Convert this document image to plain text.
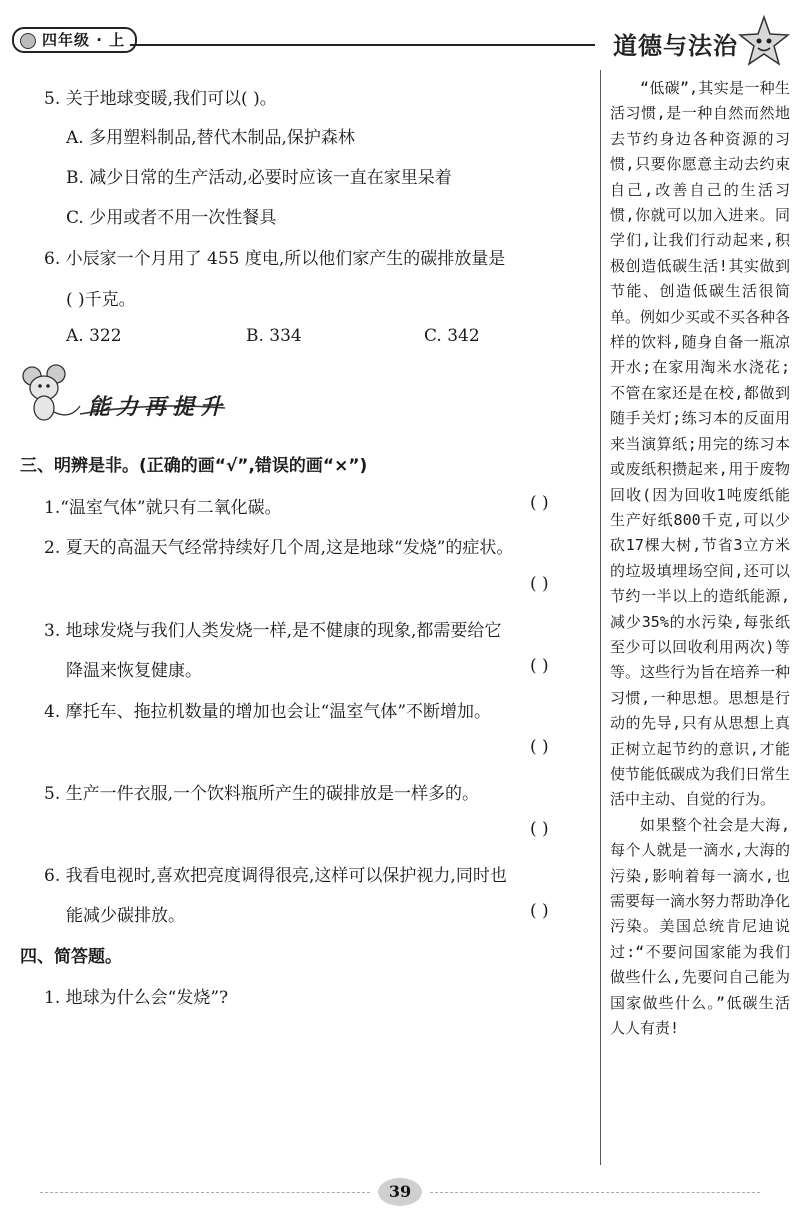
四年级 · 上	道德与法治
5. 关于地球变暖,我们可以( )。
A. 多用塑料制品,替代木制品,保护森林
B. 减少日常的生产活动,必要时应该一直在家里呆着
C. 少用或者不用一次性餐具
6. 小辰家一个月用了 455 度电,所以他们家产生的碳排放量是
( )千克。
A. 322	B. 334	C. 342
能力再提升
三、明辨是非。(正确的画“√”,错误的画“×”)
1.“温室气体”就只有二氧化碳。	( )
2. 夏天的高温天气经常持续好几个周,这是地球“发烧”的症状。
( )
3. 地球发烧与我们人类发烧一样,是不健康的现象,都需要给它
降温来恢复健康。	( )
4. 摩托车、拖拉机数量的增加也会让“温室气体”不断增加。
( )
5. 生产一件衣服,一个饮料瓶所产生的碳排放是一样多的。
( )
6. 我看电视时,喜欢把亮度调得很亮,这样可以保护视力,同时也
能减少碳排放。	( )
四、简答题。
1. 地球为什么会“发烧”?

“低碳”,其实是一种生活习惯,是一种自然而然地去节约身边各种资源的习惯,只要你愿意主动去约束自己,改善自己的生活习惯,你就可以加入进来。同学们,让我们行动起来,积极创造低碳生活!其实做到节能、创造低碳生活很简单。例如少买或不买各种各样的饮料,随身自备一瓶凉开水;在家用淘米水浇花;不管在家还是在校,都做到随手关灯;练习本的反面用来当演算纸;用完的练习本或废纸积攒起来,用于废物回收(因为回收1吨废纸能生产好纸800千克,可以少砍17棵大树,节省3立方米的垃圾填埋场空间,还可以节约一半以上的造纸能源,减少35%的水污染,每张纸至少可以回收利用两次)等等。这些行为旨在培养一种习惯,一种思想。思想是行动的先导,只有从思想上真正树立起节约的意识,才能使节能低碳成为我们日常生活中主动、自觉的行为。

如果整个社会是大海,每个人就是一滴水,大海的污染,影响着每一滴水,也需要每一滴水努力帮助净化污染。美国总统肯尼迪说过:“不要问国家能为我们做些什么,先要问自己能为国家做些什么。”低碳生活人人有责!

39
